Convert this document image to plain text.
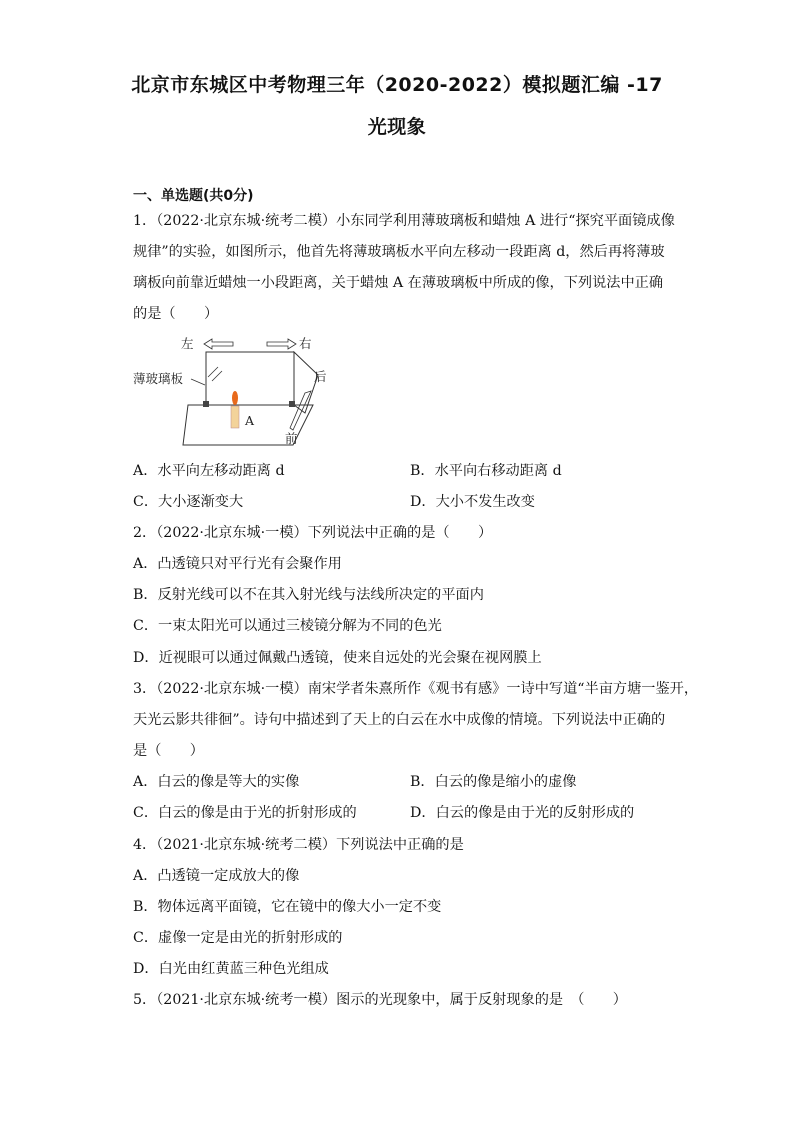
北京市东城区中考物理三年（2020-2022）模拟题汇编 -17
光现象
一、单选题(共0分)
1．（2022·北京东城·统考二模）小东同学利用薄玻璃板和蜡烛 A 进行“探究平面镜成像
规律”的实验，如图所示，他首先将薄玻璃板水平向左移动一段距离 d，然后再将薄玻
璃板向前靠近蜡烛一小段距离，关于蜡烛 A 在薄玻璃板中所成的像，下列说法中正确
的是（　　）
左	右
后
前
薄玻璃板
A
A．水平向左移动距离 d	B．水平向右移动距离 d
C．大小逐渐变大	D．大小不发生改变
2．（2022·北京东城·一模）下列说法中正确的是（　　）
A．凸透镜只对平行光有会聚作用
B．反射光线可以不在其入射光线与法线所决定的平面内
C．一束太阳光可以通过三棱镜分解为不同的色光
D．近视眼可以通过佩戴凸透镜，使来自远处的光会聚在视网膜上
3．（2022·北京东城·一模）南宋学者朱熹所作《观书有感》一诗中写道“半亩方塘一鉴开，
天光云影共徘徊”。诗句中描述到了天上的白云在水中成像的情境。下列说法中正确的
是（　　）
A．白云的像是等大的实像	B．白云的像是缩小的虚像
C．白云的像是由于光的折射形成的	D．白云的像是由于光的反射形成的
4．（2021·北京东城·统考二模）下列说法中正确的是
A．凸透镜一定成放大的像
B．物体远离平面镜，它在镜中的像大小一定不变
C．虚像一定是由光的折射形成的
D．白光由红黄蓝三种色光组成
5．（2021·北京东城·统考一模）图示的光现象中，属于反射现象的是　（　　）
